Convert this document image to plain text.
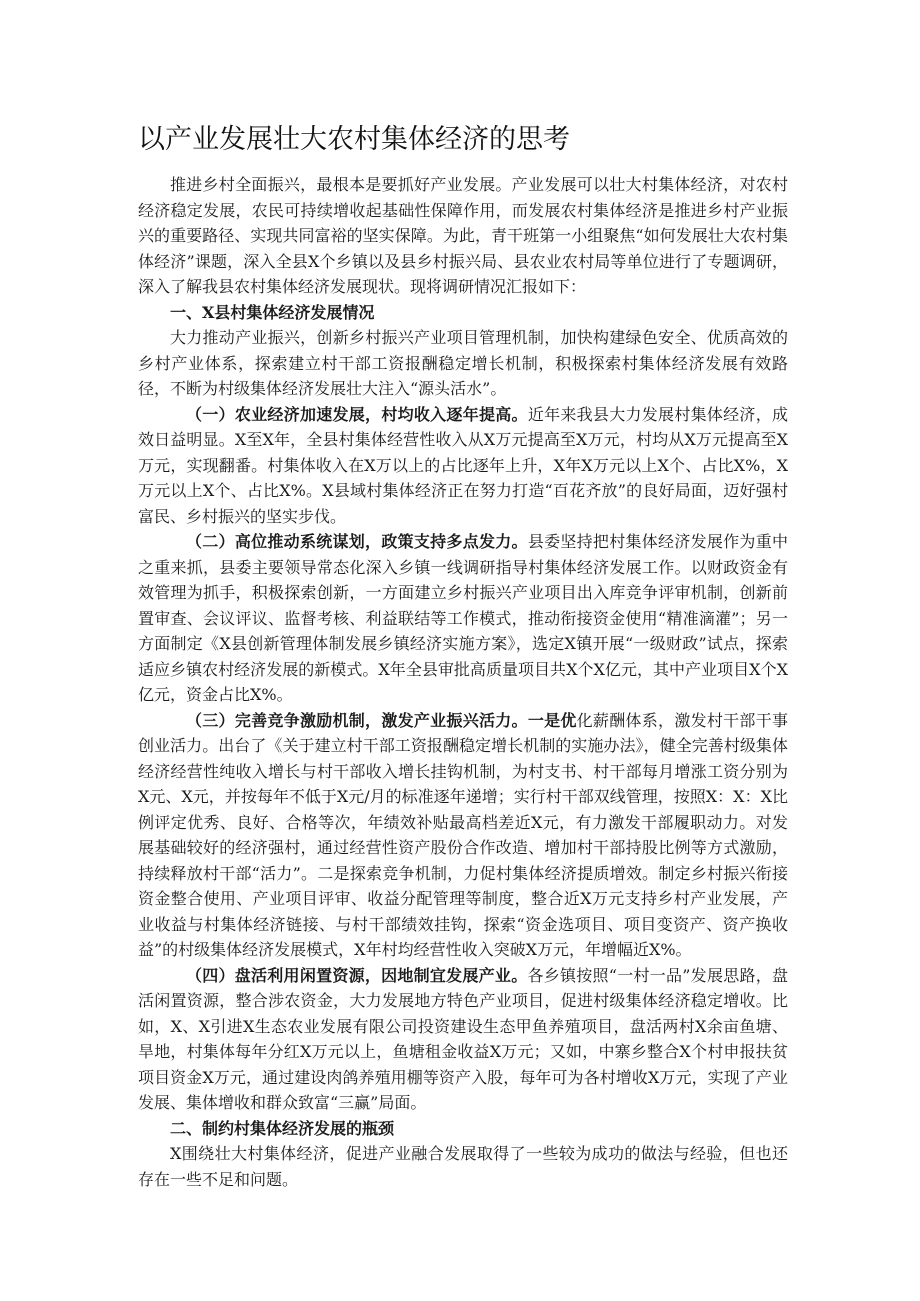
以产业发展壮大农村集体经济的思考

推进乡村全面振兴，最根本是要抓好产业发展。产业发展可以壮大村集体经济，对农村经济稳定发展，农民可持续增收起基础性保障作用，而发展农村集体经济是推进乡村产业振兴的重要路径、实现共同富裕的坚实保障。为此，青干班第一小组聚焦“如何发展壮大农村集体经济”课题，深入全县X个乡镇以及县乡村振兴局、县农业农村局等单位进行了专题调研，深入了解我县农村集体经济发展现状。现将调研情况汇报如下：

一、X县村集体经济发展情况

大力推动产业振兴，创新乡村振兴产业项目管理机制，加快构建绿色安全、优质高效的乡村产业体系，探索建立村干部工资报酬稳定增长机制，积极探索村集体经济发展有效路径，不断为村级集体经济发展壮大注入“源头活水”。

（一）农业经济加速发展，村均收入逐年提高。近年来我县大力发展村集体经济，成效日益明显。X至X年，全县村集体经营性收入从X万元提高至X万元，村均从X万元提高至X万元，实现翻番。村集体收入在X万以上的占比逐年上升，X年X万元以上X个、占比X%，X万元以上X个、占比X%。X县域村集体经济正在努力打造“百花齐放”的良好局面，迈好强村富民、乡村振兴的坚实步伐。

（二）高位推动系统谋划，政策支持多点发力。县委坚持把村集体经济发展作为重中之重来抓，县委主要领导常态化深入乡镇一线调研指导村集体经济发展工作。以财政资金有效管理为抓手，积极探索创新，一方面建立乡村振兴产业项目出入库竞争评审机制，创新前置审查、会议评议、监督考核、利益联结等工作模式，推动衔接资金使用“精准滴灌”；另一方面制定《X县创新管理体制发展乡镇经济实施方案》，选定X镇开展“一级财政”试点，探索适应乡镇农村经济发展的新模式。X年全县审批高质量项目共X个X亿元，其中产业项目X个X亿元，资金占比X%。

（三）完善竞争激励机制，激发产业振兴活力。一是优化薪酬体系，激发村干部干事创业活力。出台了《关于建立村干部工资报酬稳定增长机制的实施办法》，健全完善村级集体经济经营性纯收入增长与村干部收入增长挂钩机制，为村支书、村干部每月增涨工资分别为X元、X元，并按每年不低于X元/月的标准逐年递增；实行村干部双线管理，按照X：X：X比例评定优秀、良好、合格等次，年绩效补贴最高档差近X元，有力激发干部履职动力。对发展基础较好的经济强村，通过经营性资产股份合作改造、增加村干部持股比例等方式激励，持续释放村干部“活力”。二是探索竞争机制，力促村集体经济提质增效。制定乡村振兴衔接资金整合使用、产业项目评审、收益分配管理等制度，整合近X万元支持乡村产业发展，产业收益与村集体经济链接、与村干部绩效挂钩，探索“资金选项目、项目变资产、资产换收益”的村级集体经济发展模式，X年村均经营性收入突破X万元，年增幅近X%。

（四）盘活利用闲置资源，因地制宜发展产业。各乡镇按照“一村一品”发展思路，盘活闲置资源，整合涉农资金，大力发展地方特色产业项目，促进村级集体经济稳定增收。比如，X、X引进X生态农业发展有限公司投资建设生态甲鱼养殖项目，盘活两村X余亩鱼塘、旱地，村集体每年分红X万元以上，鱼塘租金收益X万元；又如，中寨乡整合X个村申报扶贫项目资金X万元，通过建设肉鸽养殖用棚等资产入股，每年可为各村增收X万元，实现了产业发展、集体增收和群众致富“三赢”局面。

二、制约村集体经济发展的瓶颈

X围绕壮大村集体经济，促进产业融合发展取得了一些较为成功的做法与经验，但也还存在一些不足和问题。
